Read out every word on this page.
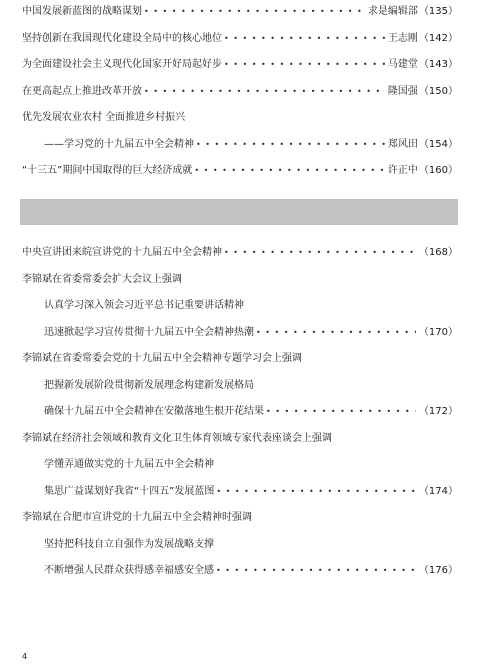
中国发展新蓝图的战略谋划 • • •	求是编辑部 （135）
坚持创新在我国现代化建设全局中的核心地位 • • •	王志刚 （142）
为全面建设社会主义现代化国家开好局起好步 • • •	马建堂 （143）
在更高起点上推进改革开放 • • •	隆国强 （150）
优先发展农业农村 全面推进乡村振兴
——学习党的十九届五中全会精神 • • •	郑风田 （154）
“十三五”期间中国取得的巨大经济成就 • • •	许正中 （160）
中央宣讲团来皖宣讲党的十九届五中全会精神 • • •	（168）
李锦斌在省委常委会扩大会议上强调
认真学习深入领会习近平总书记重要讲话精神
迅速掀起学习宣传贯彻十九届五中全会精神热潮 • • •	（170）
李锦斌在省委常委会党的十九届五中全会精神专题学习会上强调
把握新发展阶段贯彻新发展理念构建新发展格局
确保十九届五中全会精神在安徽落地生根开花结果 • • •	（172）
李锦斌在经济社会领域和教育文化卫生体育领域专家代表座谈会上强调
学懂弄通做实党的十九届五中全会精神
集思广益谋划好我省“十四五”发展蓝图 • • •	（174）
李锦斌在合肥市宣讲党的十九届五中全会精神时强调
坚持把科技自立自强作为发展战略支撑
不断增强人民群众获得感幸福感安全感 • • •	（176）
4
